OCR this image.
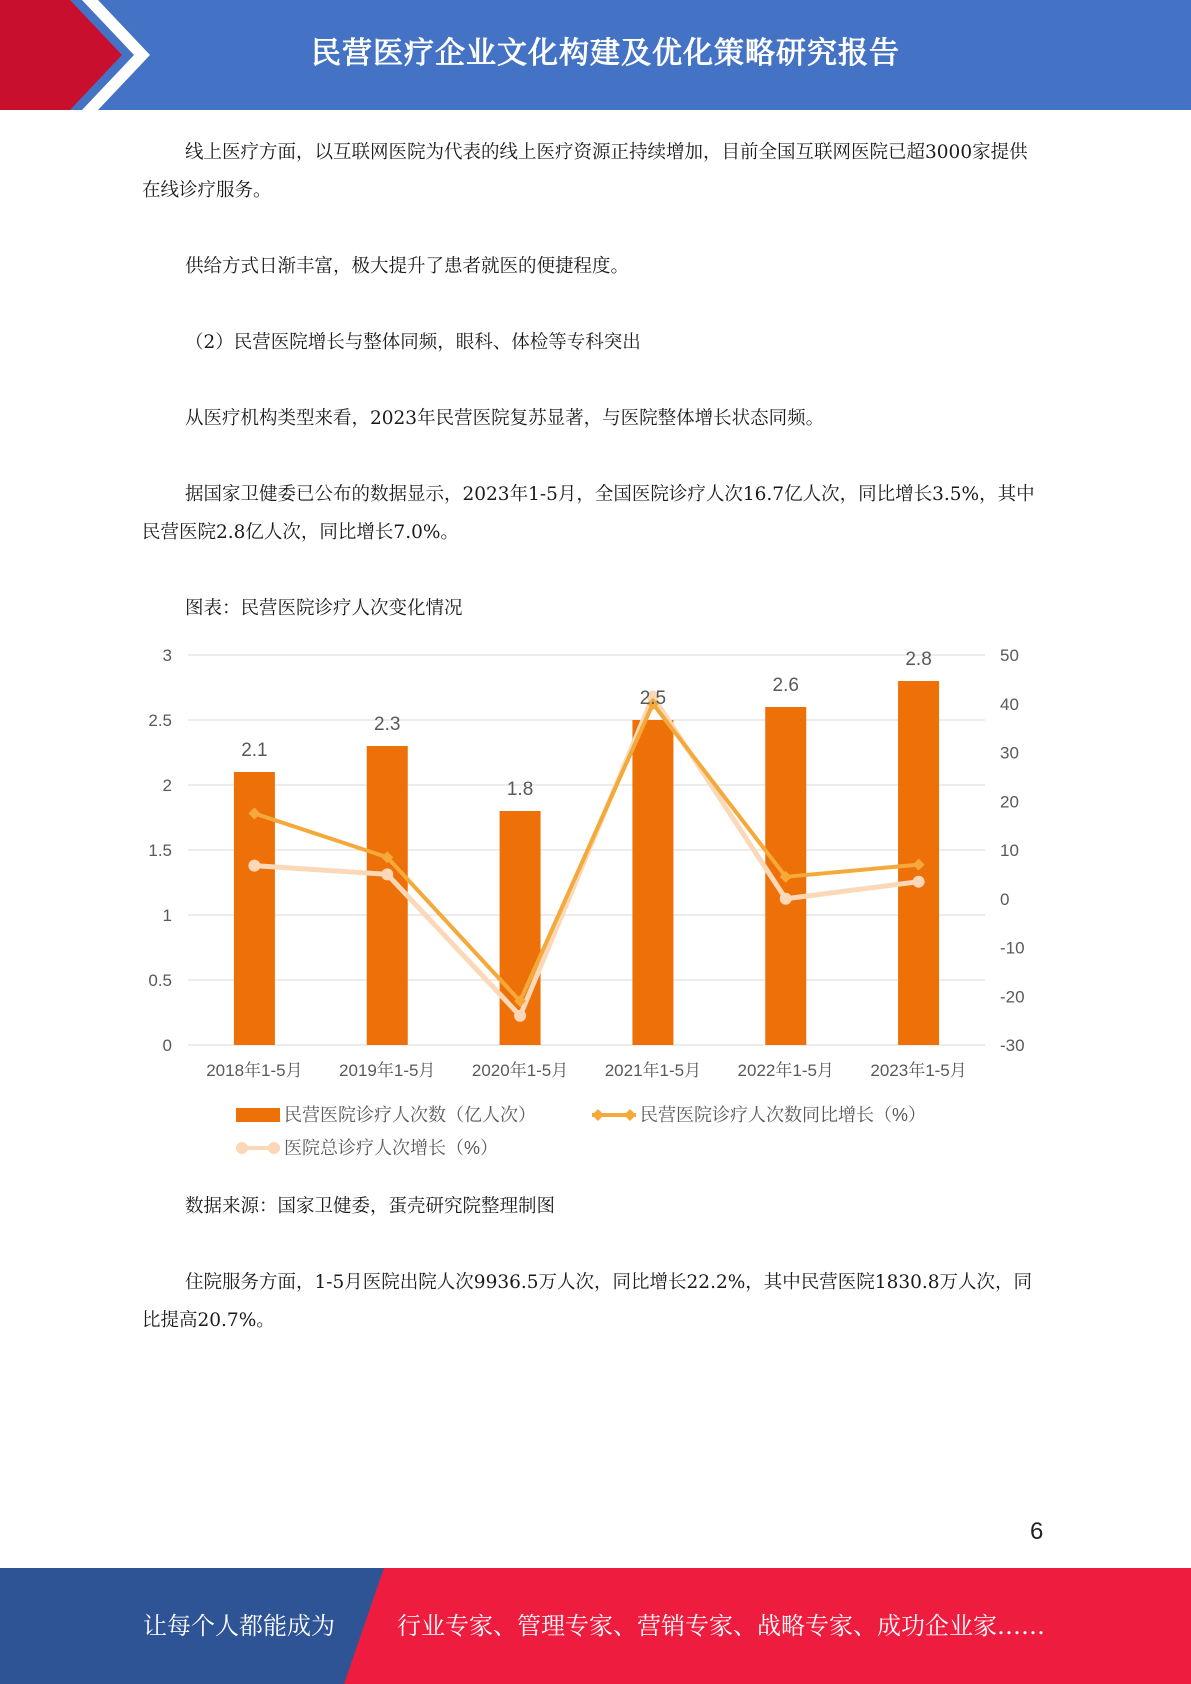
民营医疗企业文化构建及优化策略研究报告
线上医疗方面，以互联网医院为代表的线上医疗资源正持续增加，目前全国互联网医院已超3000家提供在线诊疗服务。
供给方式日渐丰富，极大提升了患者就医的便捷程度。
（2）民营医院增长与整体同频，眼科、体检等专科突出
从医疗机构类型来看，2023年民营医院复苏显著，与医院整体增长状态同频。
据国家卫健委已公布的数据显示，2023年1-5月，全国医院诊疗人次16.7亿人次，同比增长3.5%，其中民营医院2.8亿人次，同比增长7.0%。
图表：民营医院诊疗人次变化情况
0
0.5
1
1.5
2
2.5
3
-30
-20
-10
0
10
20
30
40
50
2018年1-5月 2019年1-5月 2020年1-5月 2021年1-5月 2022年1-5月 2023年1-5月
2.1
2.3
1.8
2.5
2.6
2.8
民营医院诊疗人次数（亿人次）	民营医院诊疗人次数同比增长（%）
医院总诊疗人次增长（%）
数据来源：国家卫健委，蛋壳研究院整理制图
住院服务方面，1-5月医院出院人次9936.5万人次，同比增长22.2%，其中民营医院1830.8万人次，同比提高20.7%。
6
让每个人都能成为	行业专家、管理专家、营销专家、战略专家、成功企业家……
